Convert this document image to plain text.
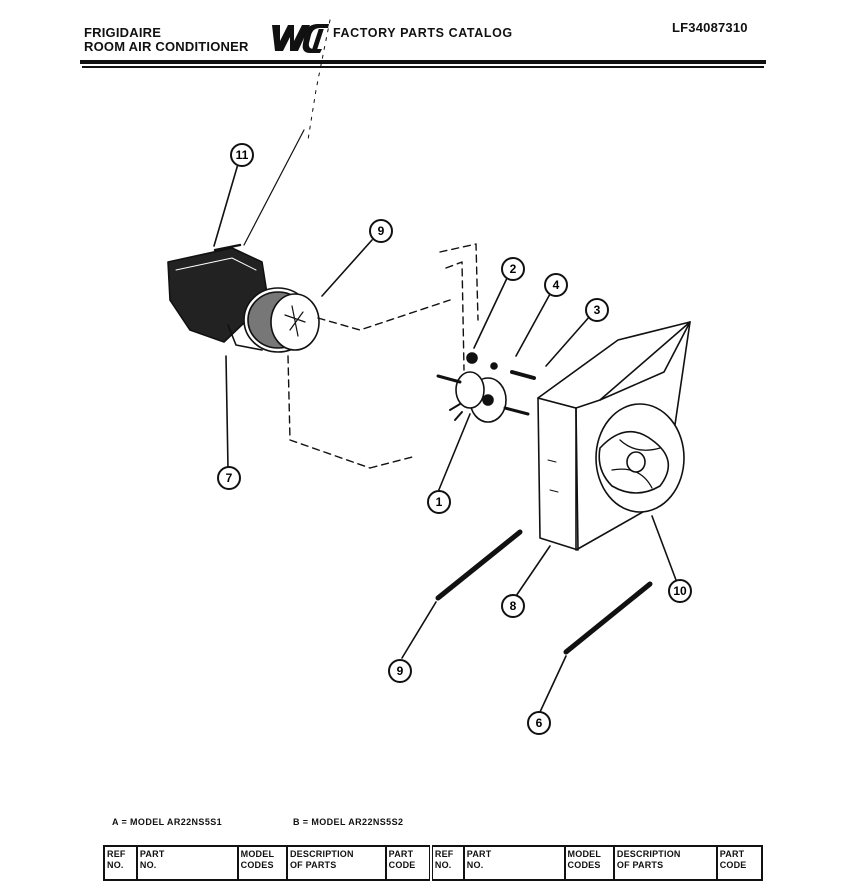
FRIGIDAIRE
ROOM AIR CONDITIONER
FACTORY PARTS CATALOG	LF34087310
11
9
2
4
3
7
1
8
10
9
6
A = MODEL AR22NS5S1	B = MODEL AR22NS5S2
REF
NO.	PART
NO.	MODEL
CODES	DESCRIPTION
OF PARTS	PART
CODE	REF
NO.	PART
NO.	MODEL
CODES	DESCRIPTION
OF PARTS	PART
CODE
